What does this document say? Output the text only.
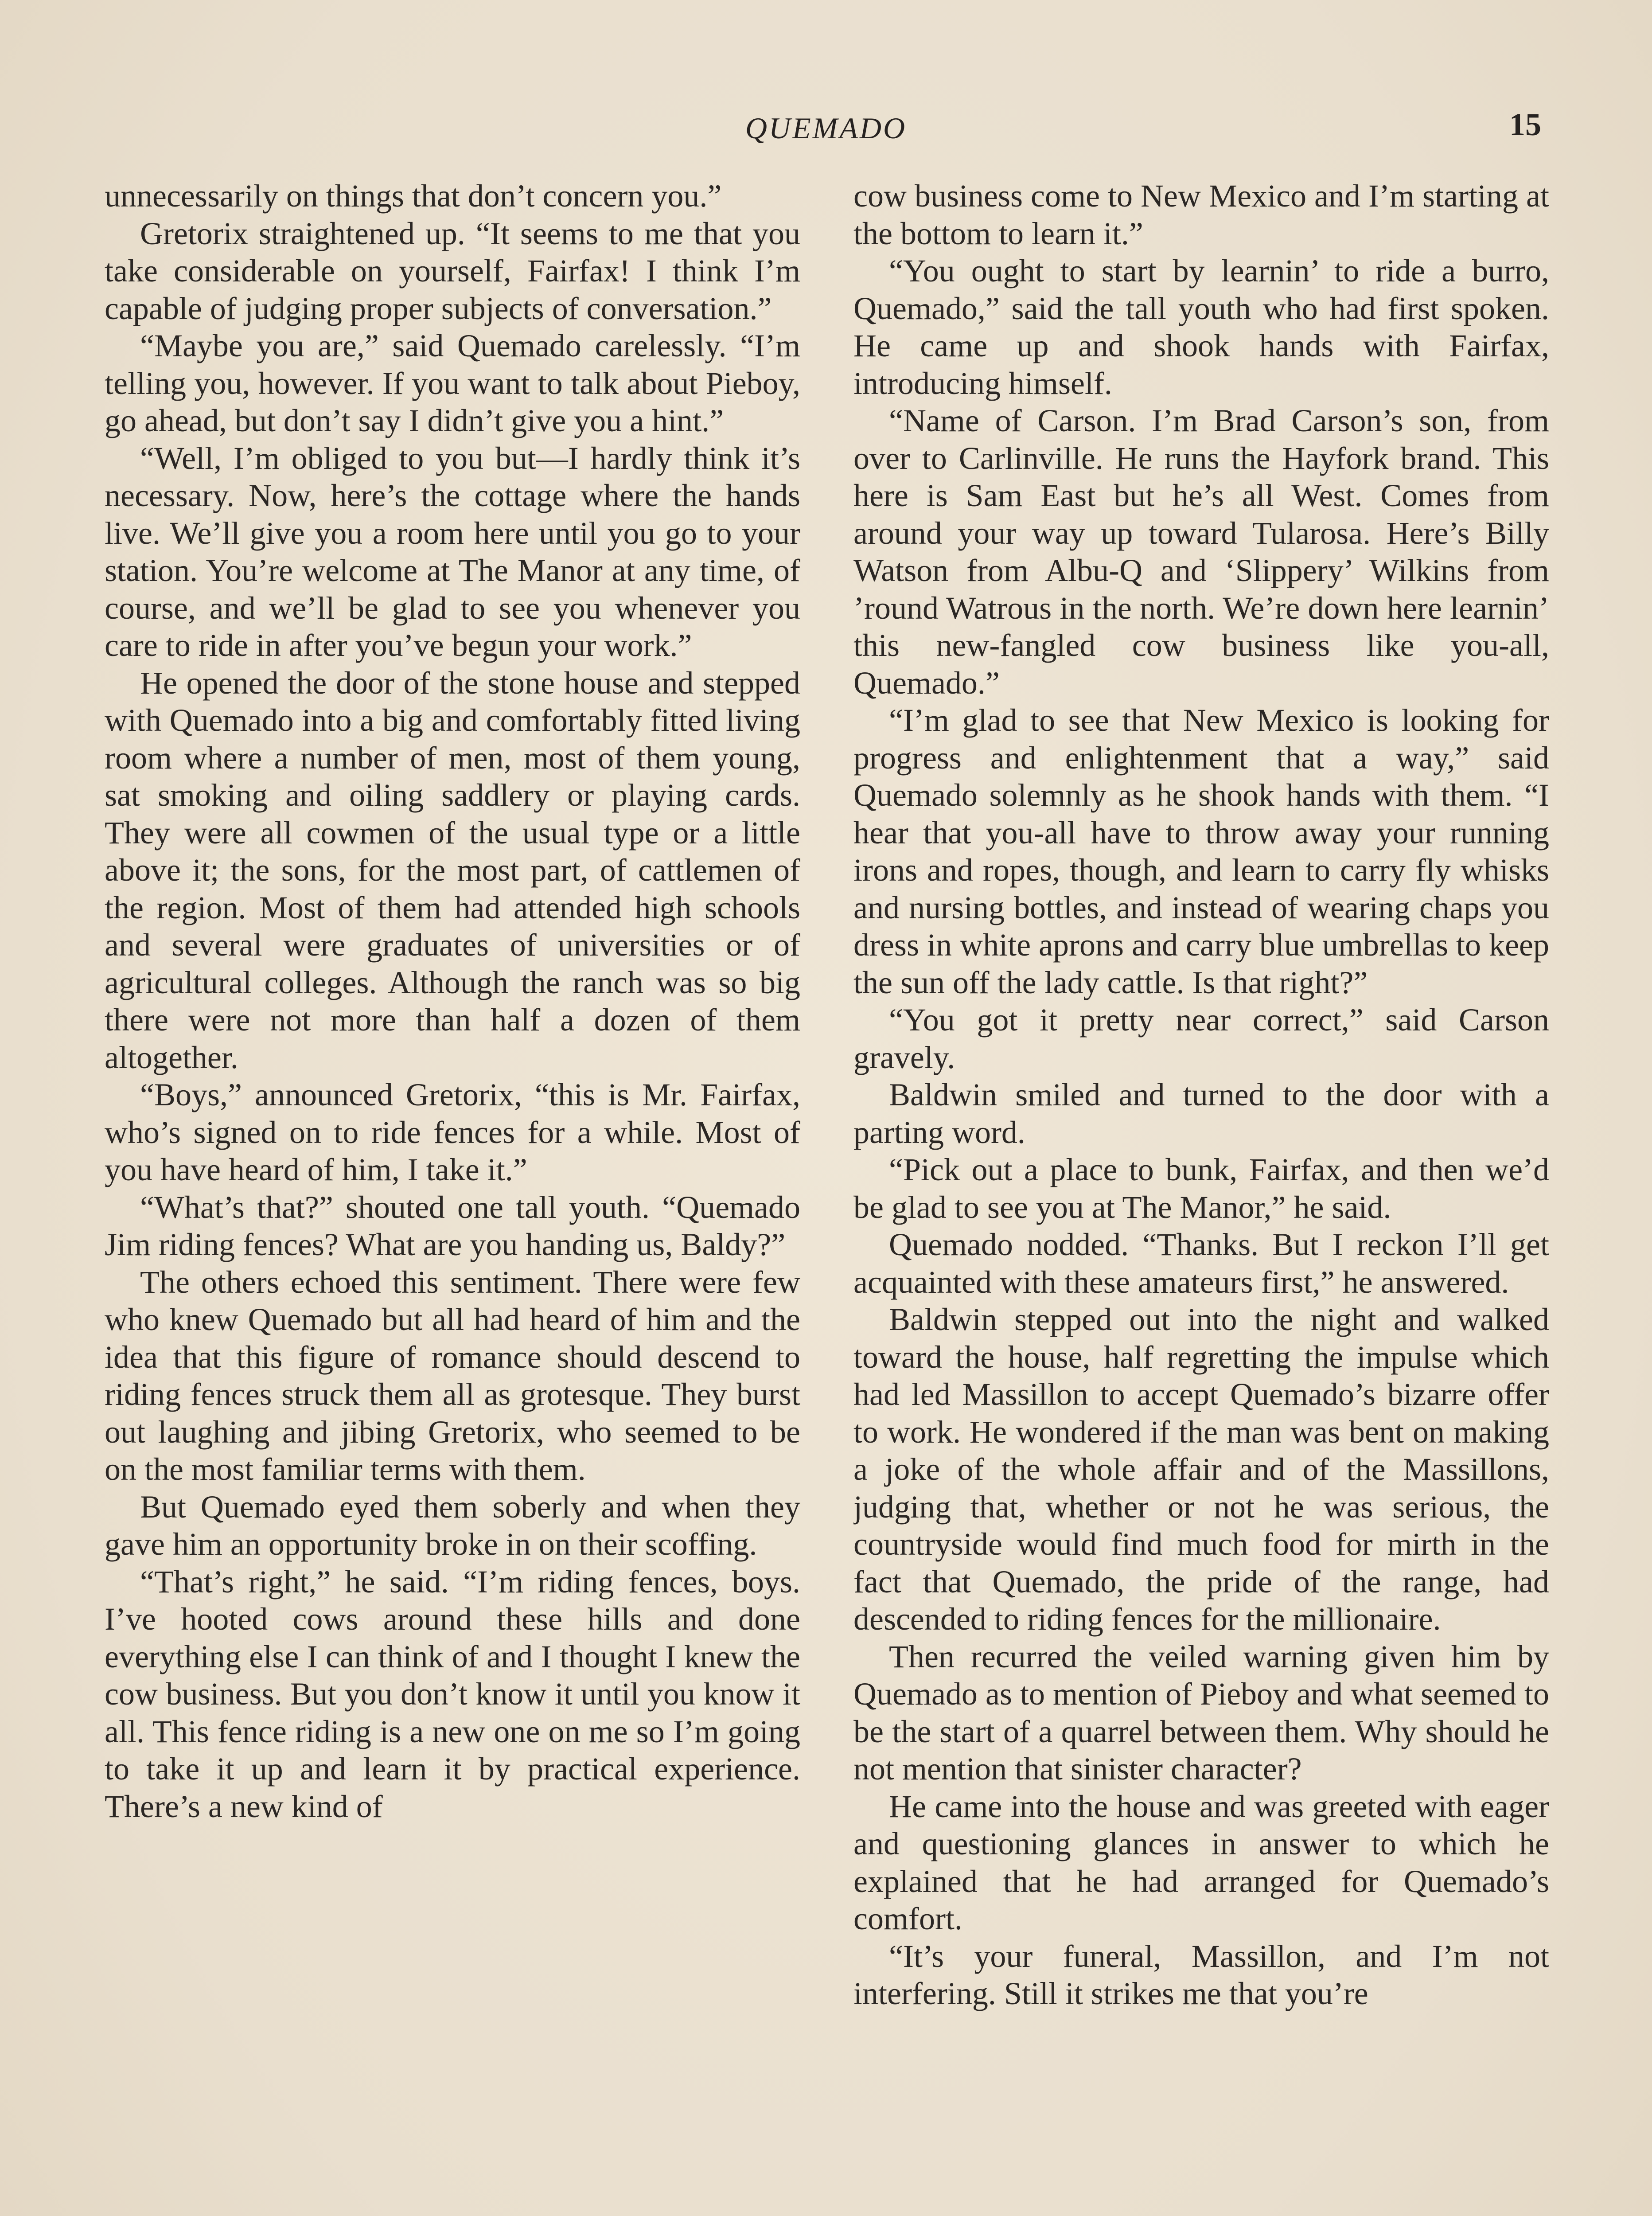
QUEMADO	15

unnecessarily on things that don’t concern you.”

Gretorix straightened up. “It seems to me that you take considerable on yourself, Fairfax! I think I’m capable of judging proper subjects of conversation.”

“Maybe you are,” said Quemado carelessly. “I’m telling you, however. If you want to talk about Pieboy, go ahead, but don’t say I didn’t give you a hint.”

“Well, I’m obliged to you but—I hardly think it’s necessary. Now, here’s the cottage where the hands live. We’ll give you a room here until you go to your station. You’re welcome at The Manor at any time, of course, and we’ll be glad to see you whenever you care to ride in after you’ve begun your work.”

He opened the door of the stone house and stepped with Quemado into a big and comfortably fitted living room where a number of men, most of them young, sat smoking and oiling saddlery or playing cards. They were all cowmen of the usual type or a little above it; the sons, for the most part, of cattlemen of the region. Most of them had attended high schools and several were graduates of universities or of agricultural colleges. Although the ranch was so big there were not more than half a dozen of them altogether.

“Boys,” announced Gretorix, “this is Mr. Fairfax, who’s signed on to ride fences for a while. Most of you have heard of him, I take it.”

“What’s that?” shouted one tall youth. “Quemado Jim riding fences? What are you handing us, Baldy?”

The others echoed this sentiment. There were few who knew Quemado but all had heard of him and the idea that this figure of romance should descend to riding fences struck them all as grotesque. They burst out laughing and jibing Gretorix, who seemed to be on the most familiar terms with them.

But Quemado eyed them soberly and when they gave him an opportunity broke in on their scoffing.

“That’s right,” he said. “I’m riding fences, boys. I’ve hooted cows around these hills and done everything else I can think of and I thought I knew the cow business. But you don’t know it until you know it all. This fence riding is a new one on me so I’m going to take it up and learn it by practical experience. There’s a new kind of

cow business come to New Mexico and I’m starting at the bottom to learn it.”

“You ought to start by learnin’ to ride a burro, Quemado,” said the tall youth who had first spoken. He came up and shook hands with Fairfax, introducing himself.

“Name of Carson. I’m Brad Carson’s son, from over to Carlinville. He runs the Hayfork brand. This here is Sam East but he’s all West. Comes from around your way up toward Tularosa. Here’s Billy Watson from Albu-Q and ‘Slippery’ Wilkins from ’round Watrous in the north. We’re down here learnin’ this new-fangled cow business like you-all, Quemado.”

“I’m glad to see that New Mexico is looking for progress and enlightenment that a way,” said Quemado solemnly as he shook hands with them. “I hear that you-all have to throw away your running irons and ropes, though, and learn to carry fly whisks and nursing bottles, and instead of wearing chaps you dress in white aprons and carry blue umbrellas to keep the sun off the lady cattle. Is that right?”

“You got it pretty near correct,” said Carson gravely.

Baldwin smiled and turned to the door with a parting word.

“Pick out a place to bunk, Fairfax, and then we’d be glad to see you at The Manor,” he said.

Quemado nodded. “Thanks. But I reckon I’ll get acquainted with these amateurs first,” he answered.

Baldwin stepped out into the night and walked toward the house, half regretting the impulse which had led Massillon to accept Quemado’s bizarre offer to work. He wondered if the man was bent on making a joke of the whole affair and of the Massillons, judging that, whether or not he was serious, the countryside would find much food for mirth in the fact that Quemado, the pride of the range, had descended to riding fences for the millionaire.

Then recurred the veiled warning given him by Quemado as to mention of Pieboy and what seemed to be the start of a quarrel between them. Why should he not mention that sinister character?

He came into the house and was greeted with eager and questioning glances in answer to which he explained that he had arranged for Quemado’s comfort.

“It’s your funeral, Massillon, and I’m not interfering. Still it strikes me that you’re
